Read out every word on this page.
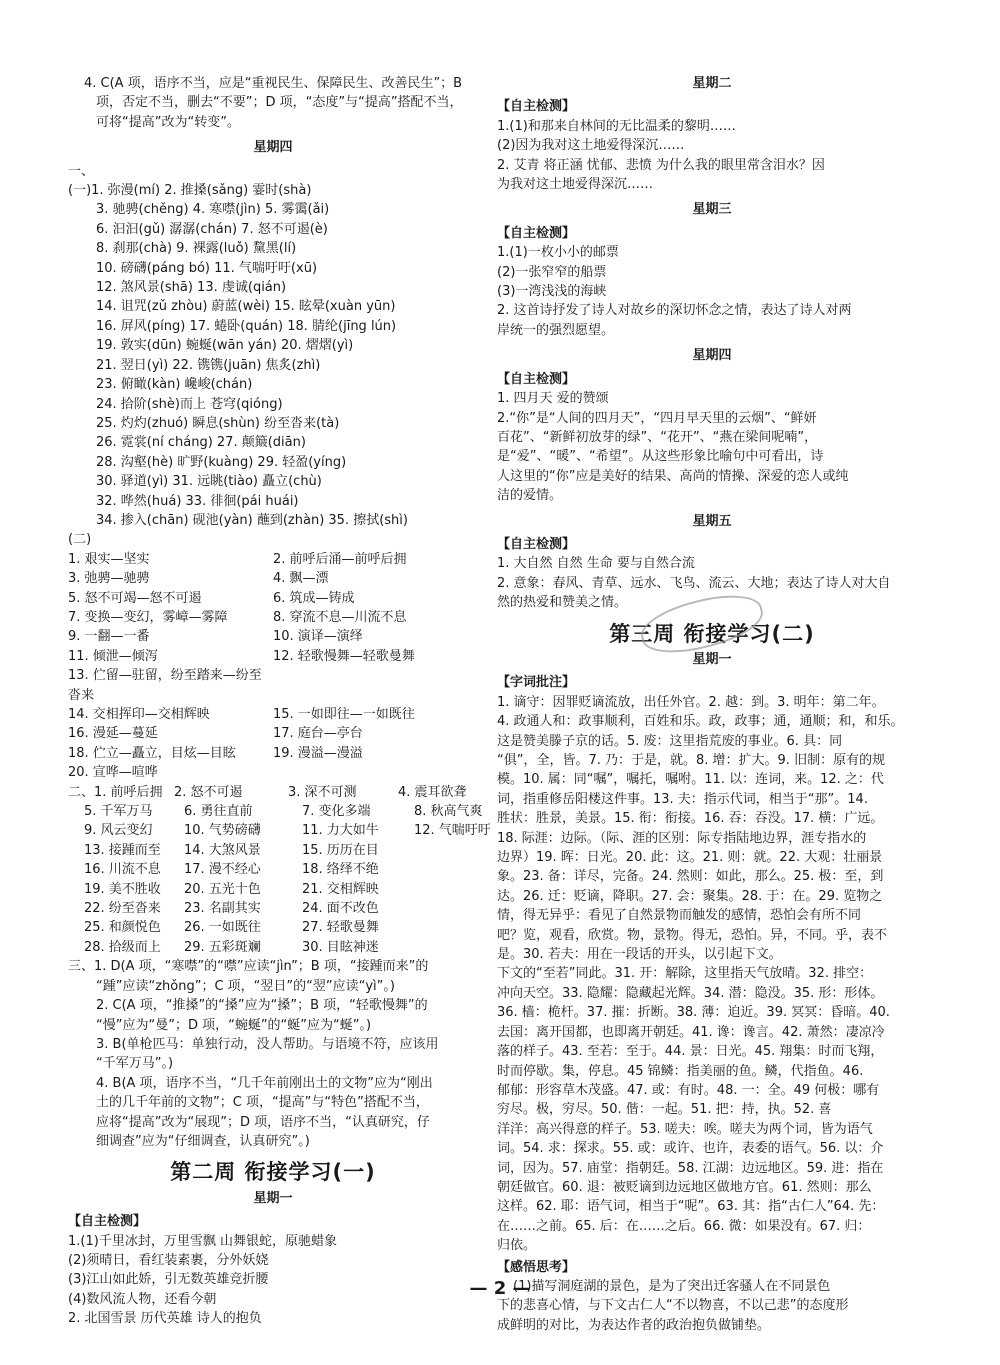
4. C(A 项，语序不当，应是“重视民生、保障民生、改善民生”；B

项，否定不当，删去“不要”；D 项，“态度”与“提高”搭配不当，

可将“提高”改为“转变”。

星期四

一、

(一)1. 弥漫(mí) 2. 推搡(sǎng) 霎时(shà)

3. 驰骋(chěng) 4. 寒噤(jìn) 5. 雾霭(ǎi)

6. 汩汩(gǔ) 潺潺(chán) 7. 怒不可遏(è)

8. 刹那(chà) 9. 裸露(luǒ) 黧黑(lí)

10. 磅礴(páng bó) 11. 气喘吁吁(xū)

12. 煞风景(shā) 13. 虔诚(qián)

14. 诅咒(zǔ zhòu) 蔚蓝(wèi) 15. 眩晕(xuàn yūn)

16. 屏风(píng) 17. 蜷卧(quán) 18. 腈纶(jīng lún)

19. 敦实(dūn) 蜿蜒(wān yán) 20. 熠熠(yì)

21. 翌日(yì) 22. 镌镌(juān) 焦炙(zhì)

23. 俯瞰(kàn) 巉峻(chán)

24. 拾阶(shè)而上 苍穹(qióng)

25. 灼灼(zhuó) 瞬息(shùn) 纷至沓来(tà)

26. 霓裳(ní cháng) 27. 颠簸(diān)

28. 沟壑(hè) 旷野(kuàng) 29. 轻盈(yíng)

30. 驿道(yì) 31. 远眺(tiào) 矗立(chù)

32. 哗然(huá) 33. 徘徊(pái huái)

34. 掺入(chān) 砚池(yàn) 蘸到(zhàn) 35. 擦拭(shì)

(二)

1. 艰实—坚实	2. 前呼后涌—前呼后拥
3. 弛骋—驰骋	4. 飘—漂
5. 怒不可竭—怒不可遏	6. 筑成—铸成
7. 变换—变幻，雾嶂—雾障	8. 穿流不息—川流不息
9. 一翻—一番	10. 演译—演绎
11. 倾泄—倾泻	12. 轻歌慢舞—轻歌曼舞
13. 伫留—驻留，纷至踏来—纷至沓来
14. 交相挥印—交相辉映	15. 一如即往—一如既往
16. 漫延—蔓延	17. 庭台—亭台
18. 伫立—矗立，目炫—目眩	19. 漫溢—漫溢
20. 宣哗—喧哗
二、1. 前呼后拥 2. 怒不可遏	3. 深不可测	4. 震耳欲聋
5. 千军万马	6. 勇往直前	7. 变化多端	8. 秋高气爽
9. 风云变幻	10. 气势磅礴	11. 力大如牛	12. 气喘吁吁
13. 接踵而至	14. 大煞风景	15. 历历在目
16. 川流不息	17. 漫不经心	18. 络绎不绝
19. 美不胜收	20. 五光十色	21. 交相辉映
22. 纷至沓来	23. 名副其实	24. 面不改色
25. 和颜悦色	26. 一如既往	27. 轻歌曼舞
28. 拾级而上	29. 五彩斑斓	30. 目眩神迷

三、1. D(A 项，“寒噤”的“噤”应读“jìn”；B 项，“接踵而来”的

“踵”应读“zhǒng”；C 项，“翌日”的“翌”应读“yì”。)

2. C(A 项，“推搡”的“搡”应为“搡”；B 项，“轻歌慢舞”的

“慢”应为“曼”；D 项，“蜿蜒”的“蜒”应为“蜒”。)

3. B(单枪匹马：单独行动，没人帮助。与语境不符，应该用

“千军万马”。)

4. B(A 项，语序不当，“几千年前刚出土的文物”应为“刚出

土的几千年前的文物”；C 项，“提高”与“特色”搭配不当，

应将“提高”改为“展现”；D 项，语序不当，“认真研究，仔

细调查”应为“仔细调查，认真研究”。)

第二周 衔接学习(一)
星期一

【自主检测】

1.(1)千里冰封，万里雪飘 山舞银蛇，原驰蜡象

(2)须晴日，看红装素裹，分外妖娆

(3)江山如此娇，引无数英雄竞折腰

(4)数风流人物，还看今朝

2. 北国雪景 历代英雄 诗人的抱负

星期二

【自主检测】

1.(1)和那来自林间的无比温柔的黎明……

(2)因为我对这土地爱得深沉……

2. 艾青 将正涵 忧郁、悲愤 为什么我的眼里常含泪水？因

为我对这土地爱得深沉……

星期三

【自主检测】

1.(1)一枚小小的邮票

(2)一张窄窄的船票

(3)一湾浅浅的海峡

2. 这首诗抒发了诗人对故乡的深切怀念之情，表达了诗人对两

岸统一的强烈愿望。

星期四

【自主检测】

1. 四月天 爱的赞颂

2.“你”是“人间的四月天”，“四月早天里的云烟”、“鲜妍

百花”、“新鲜初放芽的绿”、“花开”、“燕在梁间呢喃”，

是“爱”、“暖”、“希望”。从这些形象比喻句中可看出，诗

人这里的“你”应是美好的结果、高尚的情操、深爱的恋人或纯

洁的爱情。

星期五

【自主检测】

1. 大自然 自然 生命 要与自然合流

2. 意象：春风、青草、远水、飞鸟、流云、大地；表达了诗人对大自

然的热爱和赞美之情。

第三周 衔接学习(二)
星期一

【字词批注】

1. 谪守：因罪贬谪流放，出任外官。2. 越：到。3. 明年：第二年。

4. 政通人和：政事顺利，百姓和乐。政，政事；通，通顺；和，和乐。

这是赞美滕子京的话。5. 废：这里指荒废的事业。6. 具：同

“俱”，全，皆。7. 乃：于是，就。8. 增：扩大。9. 旧制：原有的规

模。10. 属：同“嘱”，嘱托，嘱咐。11. 以：连词，来。12. 之：代

词，指重修岳阳楼这件事。13. 夫：指示代词，相当于“那”。14.

胜状：胜景，美景。15. 衔：衔接。16. 吞：吞没。17. 横：广远。

18. 际涯：边际。（际、涯的区别：际专指陆地边界，涯专指水的

边界）19. 晖：日光。20. 此：这。21. 则：就。22. 大观：壮丽景

象。23. 备：详尽，完备。24. 然则：如此，那么。25. 极：至，到

达。26. 迁：贬谪，降职。27. 会：聚集。28. 于：在。29. 览物之

情，得无异乎：看见了自然景物而触发的感情，恐怕会有所不同

吧？览，观看，欣赏。物，景物。得无，恐怕。异，不同。乎，表不

是。30. 若夫：用在一段话的开头，以引起下文。

下文的“至若”同此。31. 开：解除，这里指天气放晴。32. 排空：

冲向天空。33. 隐耀：隐藏起光辉。34. 潜：隐没。35. 形：形体。

36. 樯：桅杆。37. 摧：折断。38. 薄：迫近。39. 冥冥：昏暗。40.

去国：离开国都，也即离开朝廷。41. 谗：谗言。42. 萧然：凄凉冷

落的样子。43. 至若：至于。44. 景：日光。45. 翔集：时而飞翔，

时而停歇。集，停息。45 锦鳞：指美丽的鱼。鳞，代指鱼。46.

郁郁：形容草木茂盛。47. 或：有时。48. 一：全。49 何极：哪有

穷尽。极，穷尽。50. 偕：一起。51. 把：持，执。52. 喜

洋洋：高兴得意的样子。53. 嗟夫：唉。嗟夫为两个词，皆为语气

词。54. 求：探求。55. 或：或许、也许，表委的语气。56. 以：介

词，因为。57. 庙堂：指朝廷。58. 江湖：边远地区。59. 进：指在

朝廷做官。60. 退：被贬谪到边远地区做地方官。61. 然则：那么

这样。62. 耶：语气词，相当于“呢”。63. 其：指“古仁人”64. 先：

在……之前。65. 后：在……之后。66. 微：如果没有。67. 归：

归依。

【感悟思考】

(1)描写洞庭湖的景色，是为了突出迁客骚人在不同景色

下的悲喜心情，与下文古仁人“不以物喜，不以己悲”的态度形

成鲜明的对比，为表达作者的政治抱负做铺垫。

— 2 —
